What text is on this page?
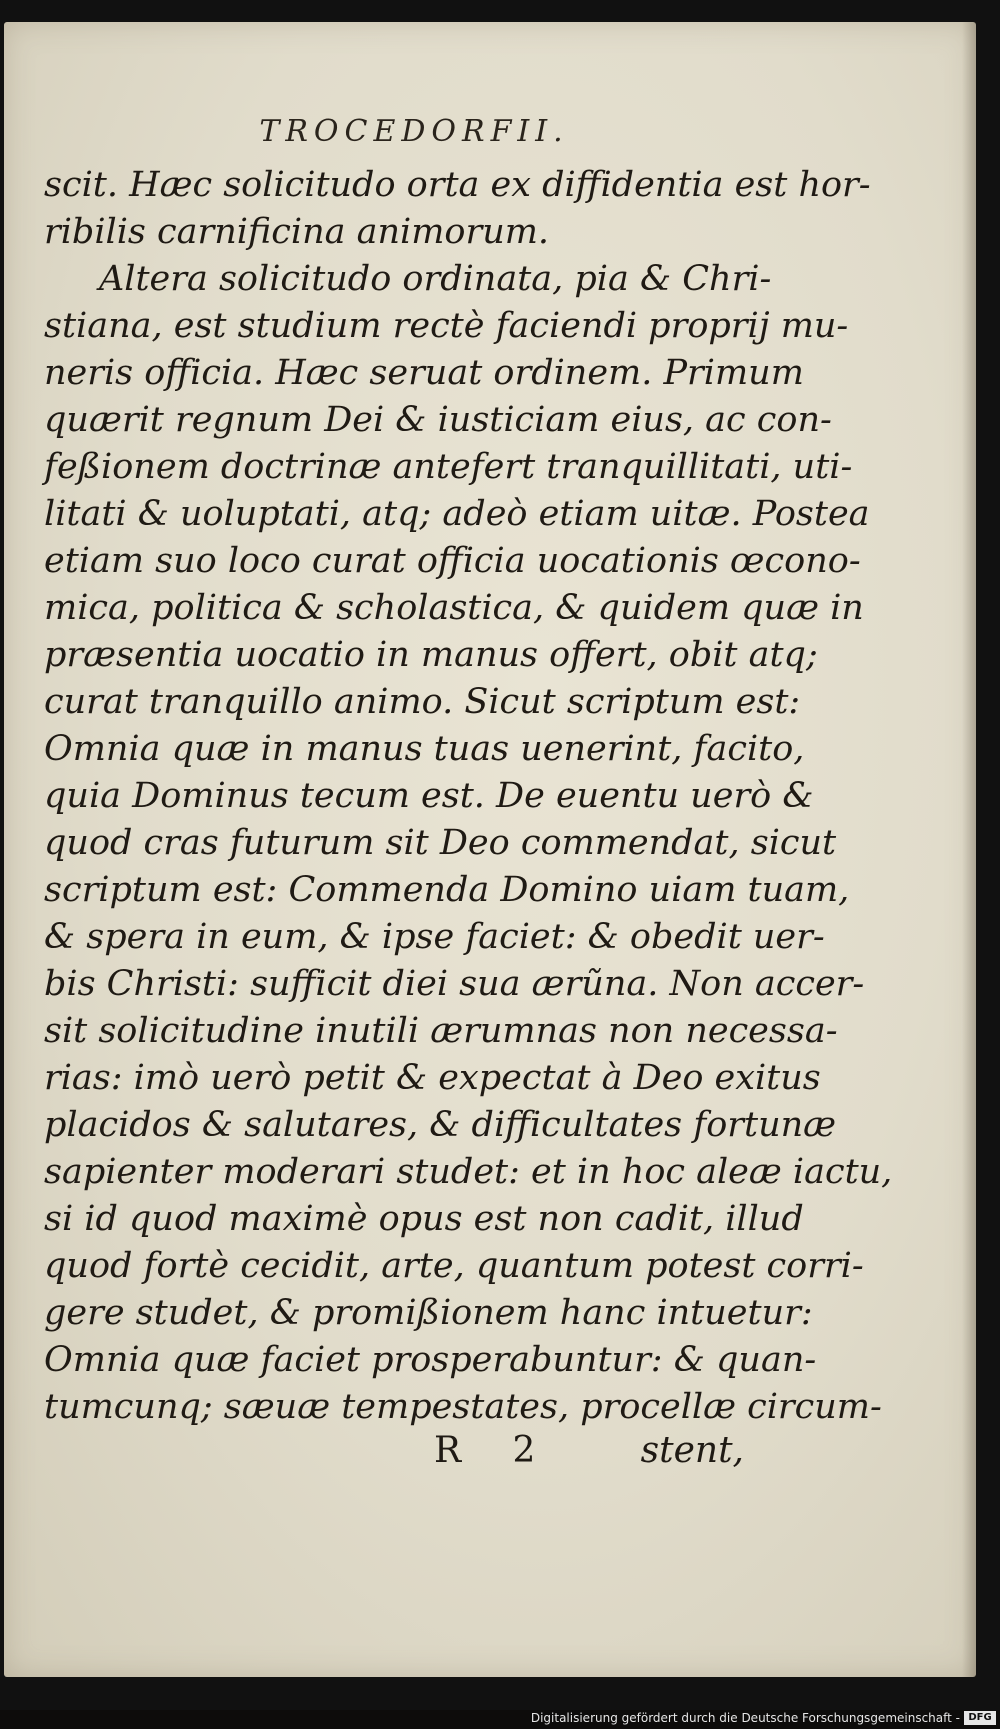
TROCEDORFII.
scit. Hæc solicitudo orta ex diffidentia est hor-
ribilis carnificina animorum.
Altera solicitudo ordinata, pia & Chri-
stiana, est studium rectè faciendi proprij mu-
neris officia. Hæc seruat ordinem. Primum
quærit regnum Dei & iusticiam eius, ac con-
feßionem doctrinæ antefert tranquillitati, uti-
litati & uoluptati, atq; adeò etiam uitæ. Postea
etiam suo loco curat officia uocationis œcono-
mica, politica & scholastica, & quidem quæ in
præsentia uocatio in manus offert, obit atq;
curat tranquillo animo. Sicut scriptum est:
Omnia quæ in manus tuas uenerint, facito,
quia Dominus tecum est. De euentu uerò &
quod cras futurum sit Deo commendat, sicut
scriptum est: Commenda Domino uiam tuam,
& spera in eum, & ipse faciet: & obedit uer-
bis Christi: sufficit diei sua ærũna. Non accer-
sit solicitudine inutili ærumnas non necessa-
rias: imò uerò petit & expectat à Deo exitus
placidos & salutares, & difficultates fortunæ
sapienter moderari studet: et in hoc aleæ iactu,
si id quod maximè opus est non cadit, illud
quod fortè cecidit, arte, quantum potest corri-
gere studet, & promißionem hanc intuetur:
Omnia quæ faciet prosperabuntur: & quan-
tumcunq; sæuæ tempestates, procellæ circum-
R 2 stent,
Digitalisierung gefördert durch die Deutsche Forschungsgemeinschaft - DFG
